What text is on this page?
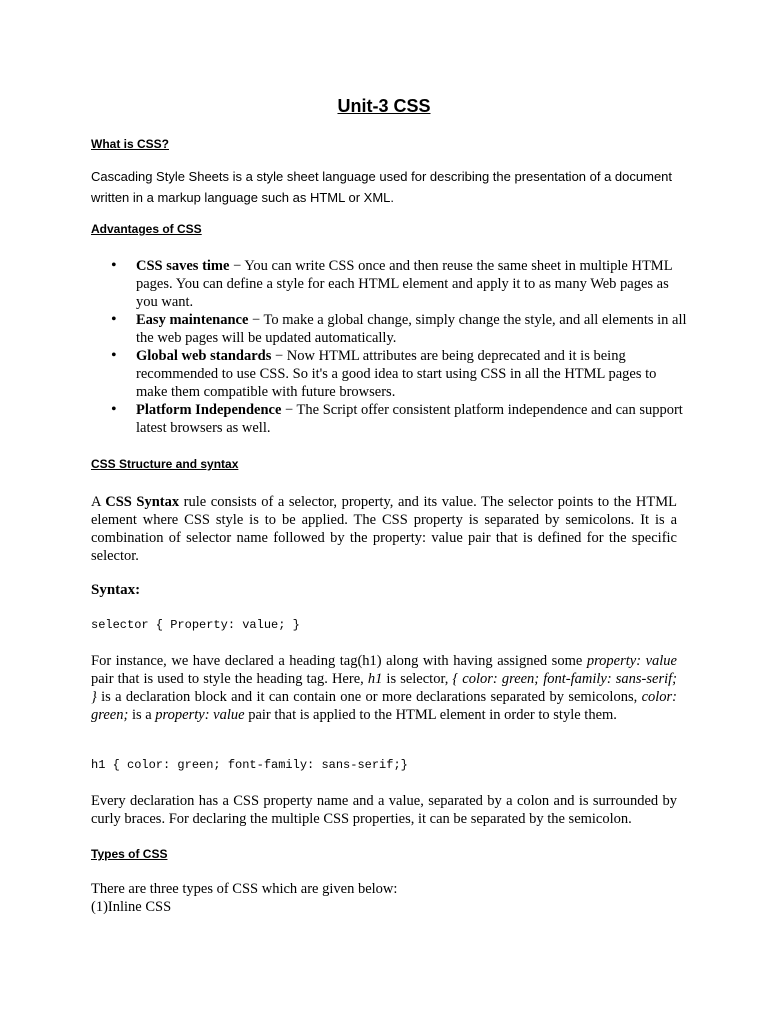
Unit-3 CSS
What is CSS?
Cascading Style Sheets is a style sheet language used for describing the presentation of a document
written in a markup language such as HTML or XML.
Advantages of CSS
• CSS saves time − You can write CSS once and then reuse the same sheet in multiple HTML pages. You can define a style for each HTML element and apply it to as many Web pages as you want.
• Easy maintenance − To make a global change, simply change the style, and all elements in all the web pages will be updated automatically.
• Global web standards − Now HTML attributes are being deprecated and it is being recommended to use CSS. So it's a good idea to start using CSS in all the HTML pages to make them compatible with future browsers.
• Platform Independence − The Script offer consistent platform independence and can support latest browsers as well.
CSS Structure and syntax
A CSS Syntax rule consists of a selector, property, and its value. The selector points to the HTML element where CSS style is to be applied. The CSS property is separated by semicolons. It is a combination of selector name followed by the property: value pair that is defined for the specific selector.
Syntax:
selector { Property: value; }
For instance, we have declared a heading tag(h1) along with having assigned some property: value pair that is used to style the heading tag. Here, h1 is selector, { color: green; font-family: sans-serif; } is a declaration block and it can contain one or more declarations separated by semicolons, color: green; is a property: value pair that is applied to the HTML element in order to style them.
h1 { color: green; font-family: sans-serif;}
Every declaration has a CSS property name and a value, separated by a colon and is surrounded by curly braces. For declaring the multiple CSS properties, it can be separated by the semicolon.
Types of CSS
There are three types of CSS which are given below:
(1)Inline CSS
